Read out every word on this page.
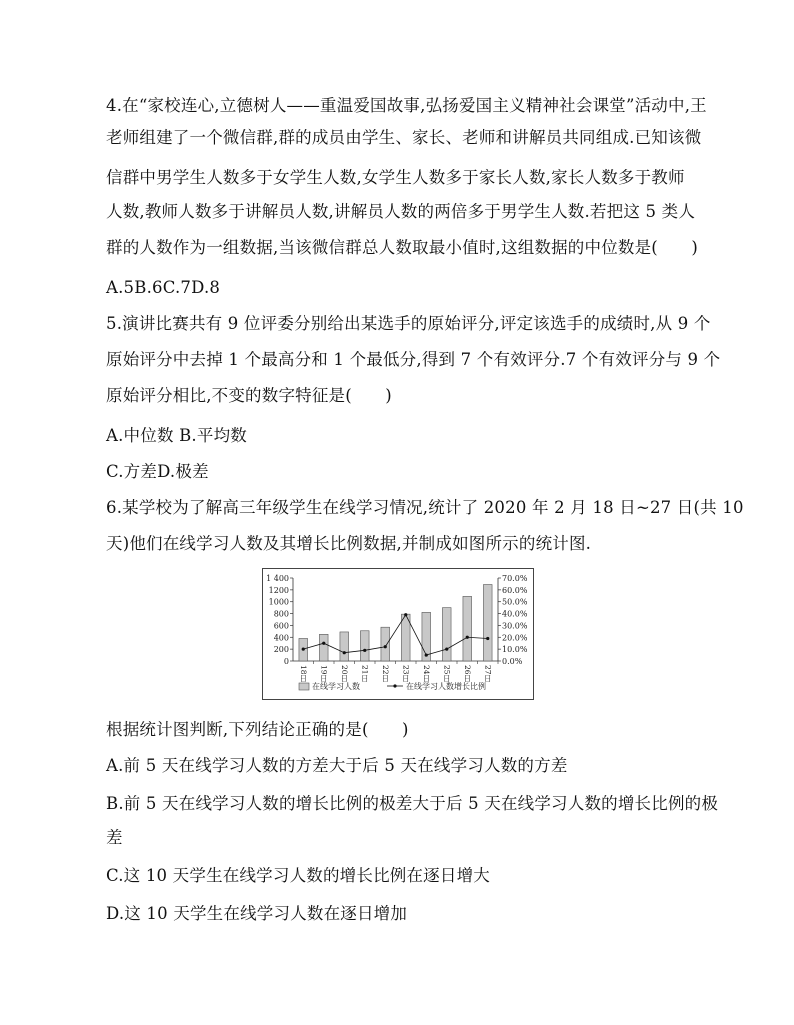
4.在“家校连心,立德树人——重温爱国故事,弘扬爱国主义精神社会课堂”活动中,王
老师组建了一个微信群,群的成员由学生、家长、老师和讲解员共同组成.已知该微
信群中男学生人数多于女学生人数,女学生人数多于家长人数,家长人数多于教师
人数,教师人数多于讲解员人数,讲解员人数的两倍多于男学生人数.若把这 5 类人
群的人数作为一组数据,当该微信群总人数取最小值时,这组数据的中位数是(　　)
A.5B.6C.7D.8
5.演讲比赛共有 9 位评委分别给出某选手的原始评分,评定该选手的成绩时,从 9 个
原始评分中去掉 1 个最高分和 1 个最低分,得到 7 个有效评分.7 个有效评分与 9 个
原始评分相比,不变的数字特征是(　　)
A.中位数 B.平均数
C.方差D.极差
6.某学校为了解高三年级学生在线学习情况,统计了 2020 年 2 月 18 日~27 日(共 10
天)他们在线学习人数及其增长比例数据,并制成如图所示的统计图.
0
200
400
600
800
1000
1200
1 400
0.0%
10.0%
20.0%
30.0%
40.0%
50.0%
60.0%
70.0%
18日 19日 20日 21日 22日 23日 24日 25日 26日 27日
在线学习人数	在线学习人数增长比例
根据统计图判断,下列结论正确的是(　　)
A.前 5 天在线学习人数的方差大于后 5 天在线学习人数的方差
B.前 5 天在线学习人数的增长比例的极差大于后 5 天在线学习人数的增长比例的极
差
C.这 10 天学生在线学习人数的增长比例在逐日增大
D.这 10 天学生在线学习人数在逐日增加
